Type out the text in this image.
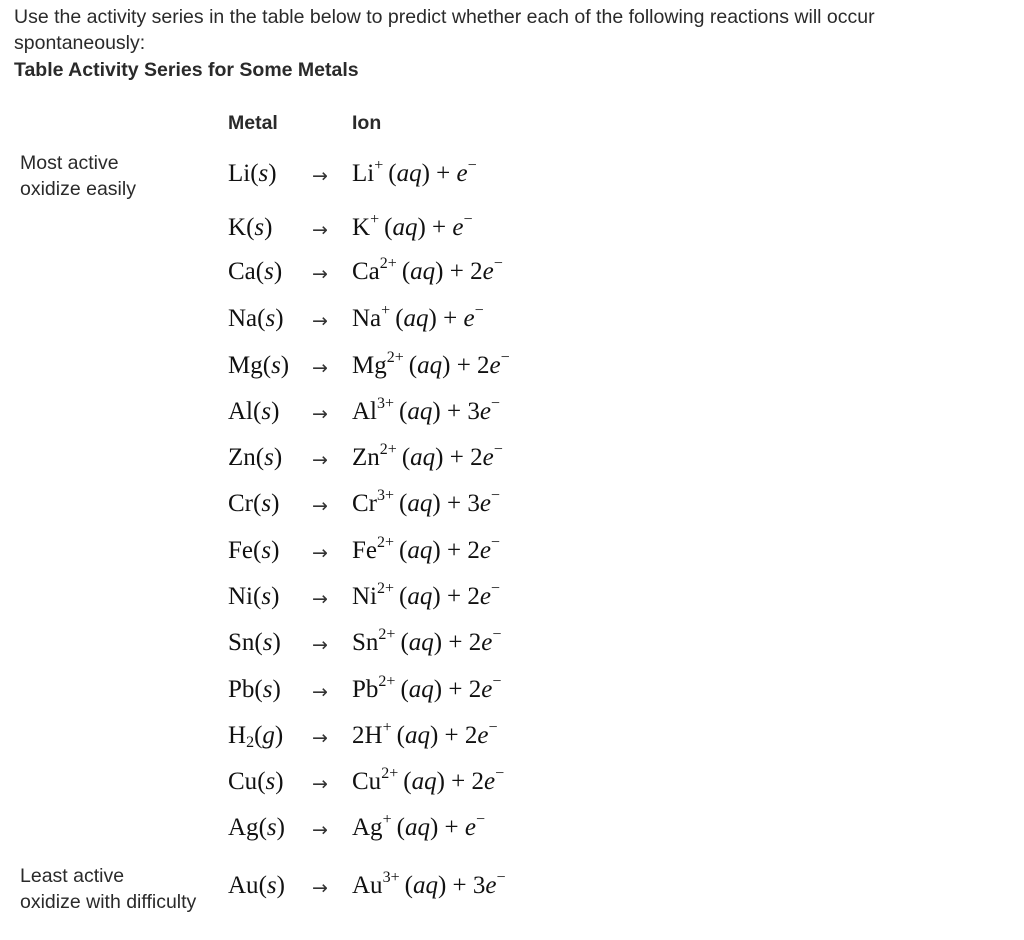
Use the activity series in the table below to predict whether each of the following reactions will occur spontaneously:
Table Activity Series for Some Metals
Metal	Ion
Most active
oxidize easily
Least active
oxidize with difficulty
Li(s) → Li+ (aq) + e−
K(s) → K+ (aq) + e−
$Ca(s) \to Ca^{2+}$ (aq) + 2e−
Na(s) → Na+ (aq) + e−
$Mg(s) \to Mg^{2+}$ (aq) + 2e−
$Al(s) \to Al^{3+}$ (aq) + 3e−
$Zn(s) \to Zn^{2+}$ (aq) + 2e−
$Cr(s) \to Cr^{3+}$ (aq) + 3e−
$Fe(s) \to Fe^{2+}$ (aq) + 2e−
$Ni(s) \to Ni^{2+}$ (aq) + 2e−
$Sn(s) \to Sn^{2+}$ (aq) + 2e−
$Pb(s) \to Pb^{2+}$ (aq) + 2e−
$H_2(g) \to 2H^+$ (aq) + 2e−
$Cu(s) \to Cu^{2+}$ (aq) + 2e−
Ag(s) → Ag+ (aq) + e−
$Au(s) \to Au^{3+}$ (aq) + 3e−
